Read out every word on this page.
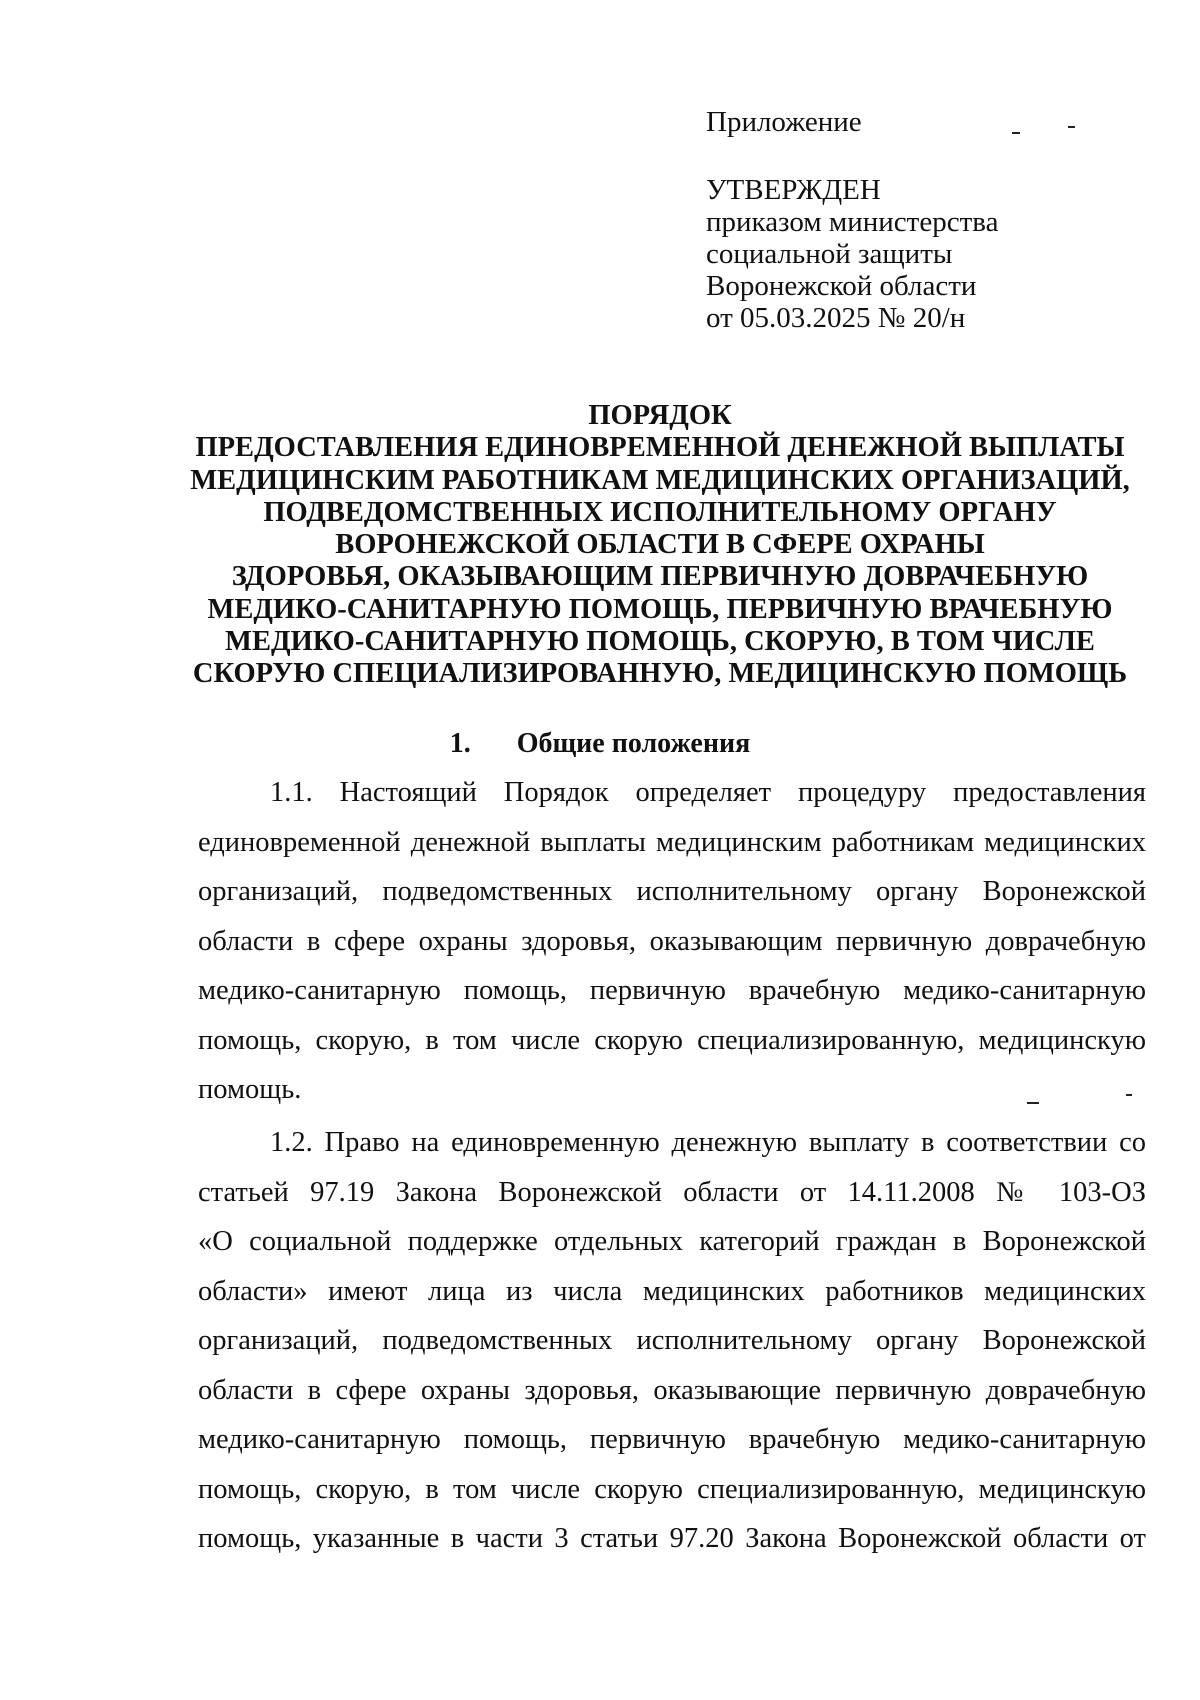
Приложение
УТВЕРЖДЕН
приказом министерства
социальной защиты
Воронежской области
от 05.03.2025 № 20/н
ПОРЯДОК
ПРЕДОСТАВЛЕНИЯ ЕДИНОВРЕМЕННОЙ ДЕНЕЖНОЙ ВЫПЛАТЫ
МЕДИЦИНСКИМ РАБОТНИКАМ МЕДИЦИНСКИХ ОРГАНИЗАЦИЙ,
ПОДВЕДОМСТВЕННЫХ ИСПОЛНИТЕЛЬНОМУ ОРГАНУ
ВОРОНЕЖСКОЙ ОБЛАСТИ В СФЕРЕ ОХРАНЫ
ЗДОРОВЬЯ, ОКАЗЫВАЮЩИМ ПЕРВИЧНУЮ ДОВРАЧЕБНУЮ
МЕДИКО-САНИТАРНУЮ ПОМОЩЬ, ПЕРВИЧНУЮ ВРАЧЕБНУЮ
МЕДИКО-САНИТАРНУЮ ПОМОЩЬ, СКОРУЮ, В ТОМ ЧИСЛЕ
СКОРУЮ СПЕЦИАЛИЗИРОВАННУЮ, МЕДИЦИНСКУЮ ПОМОЩЬ
1. Общие положения
1.1. Настоящий Порядок определяет процедуру предоставления
единовременной денежной выплаты медицинским работникам медицинских
организаций, подведомственных исполнительному органу Воронежской
области в сфере охраны здоровья, оказывающим первичную доврачебную
медико-санитарную помощь, первичную врачебную медико-санитарную
помощь, скорую, в том числе скорую специализированную, медицинскую
помощь.
1.2. Право на единовременную денежную выплату в соответствии со
статьей 97.19 Закона Воронежской области от 14.11.2008 № 103-ОЗ
«О социальной поддержке отдельных категорий граждан в Воронежской
области» имеют лица из числа медицинских работников медицинских
организаций, подведомственных исполнительному органу Воронежской
области в сфере охраны здоровья, оказывающие первичную доврачебную
медико-санитарную помощь, первичную врачебную медико-санитарную
помощь, скорую, в том числе скорую специализированную, медицинскую
помощь, указанные в части 3 статьи 97.20 Закона Воронежской области от
